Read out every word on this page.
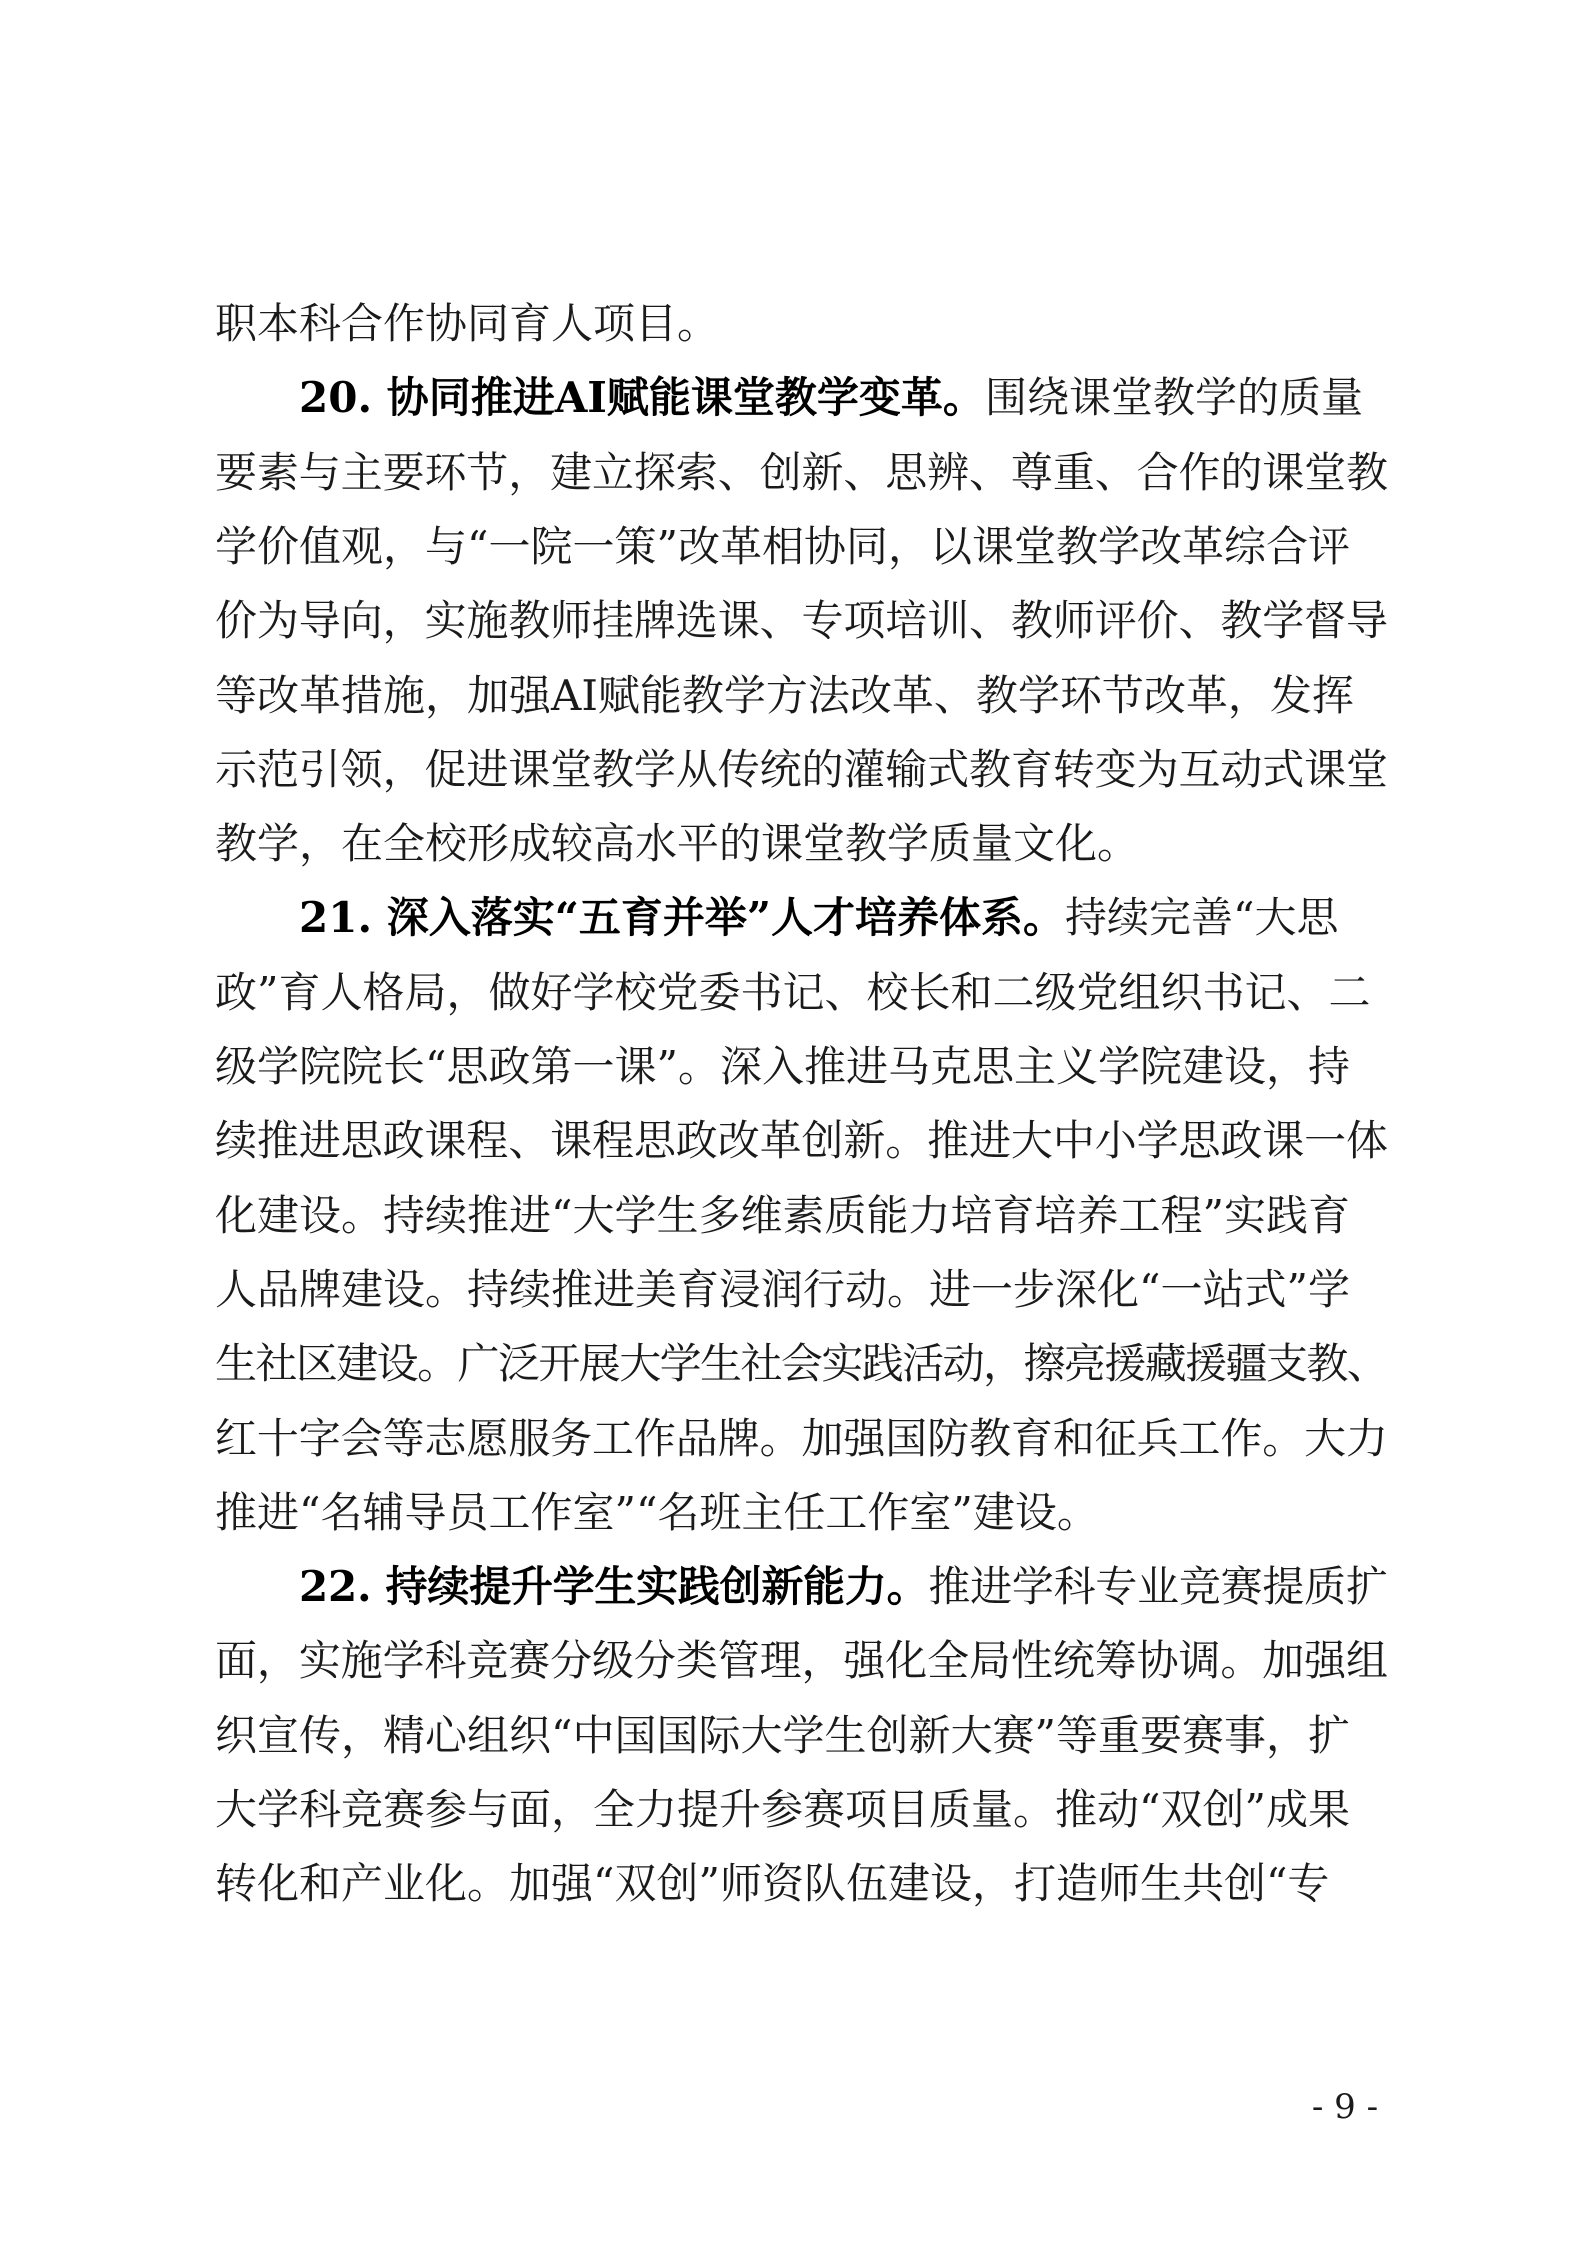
职本科合作协同育人项目。
20. 协同推进AI赋能课堂教学变革。围绕课堂教学的质量
要素与主要环节，建立探索、创新、思辨、尊重、合作的课堂教
学价值观，与“一院一策”改革相协同，以课堂教学改革综合评
价为导向，实施教师挂牌选课、专项培训、教师评价、教学督导
等改革措施，加强AI赋能教学方法改革、教学环节改革，发挥
示范引领，促进课堂教学从传统的灌输式教育转变为互动式课堂
教学，在全校形成较高水平的课堂教学质量文化。
21. 深入落实“五育并举”人才培养体系。持续完善“大思
政”育人格局，做好学校党委书记、校长和二级党组织书记、二
级学院院长“思政第一课”。深入推进马克思主义学院建设，持
续推进思政课程、课程思政改革创新。推进大中小学思政课一体
化建设。持续推进“大学生多维素质能力培育培养工程”实践育
人品牌建设。持续推进美育浸润行动。进一步深化“一站式”学
生社区建设。广泛开展大学生社会实践活动，擦亮援藏援疆支教、
红十字会等志愿服务工作品牌。加强国防教育和征兵工作。大力
推进“名辅导员工作室”“名班主任工作室”建设。
22. 持续提升学生实践创新能力。推进学科专业竞赛提质扩
面，实施学科竞赛分级分类管理，强化全局性统筹协调。加强组
织宣传，精心组织“中国国际大学生创新大赛”等重要赛事，扩
大学科竞赛参与面，全力提升参赛项目质量。推动“双创”成果
转化和产业化。加强“双创”师资队伍建设，打造师生共创“专
- 9 -
